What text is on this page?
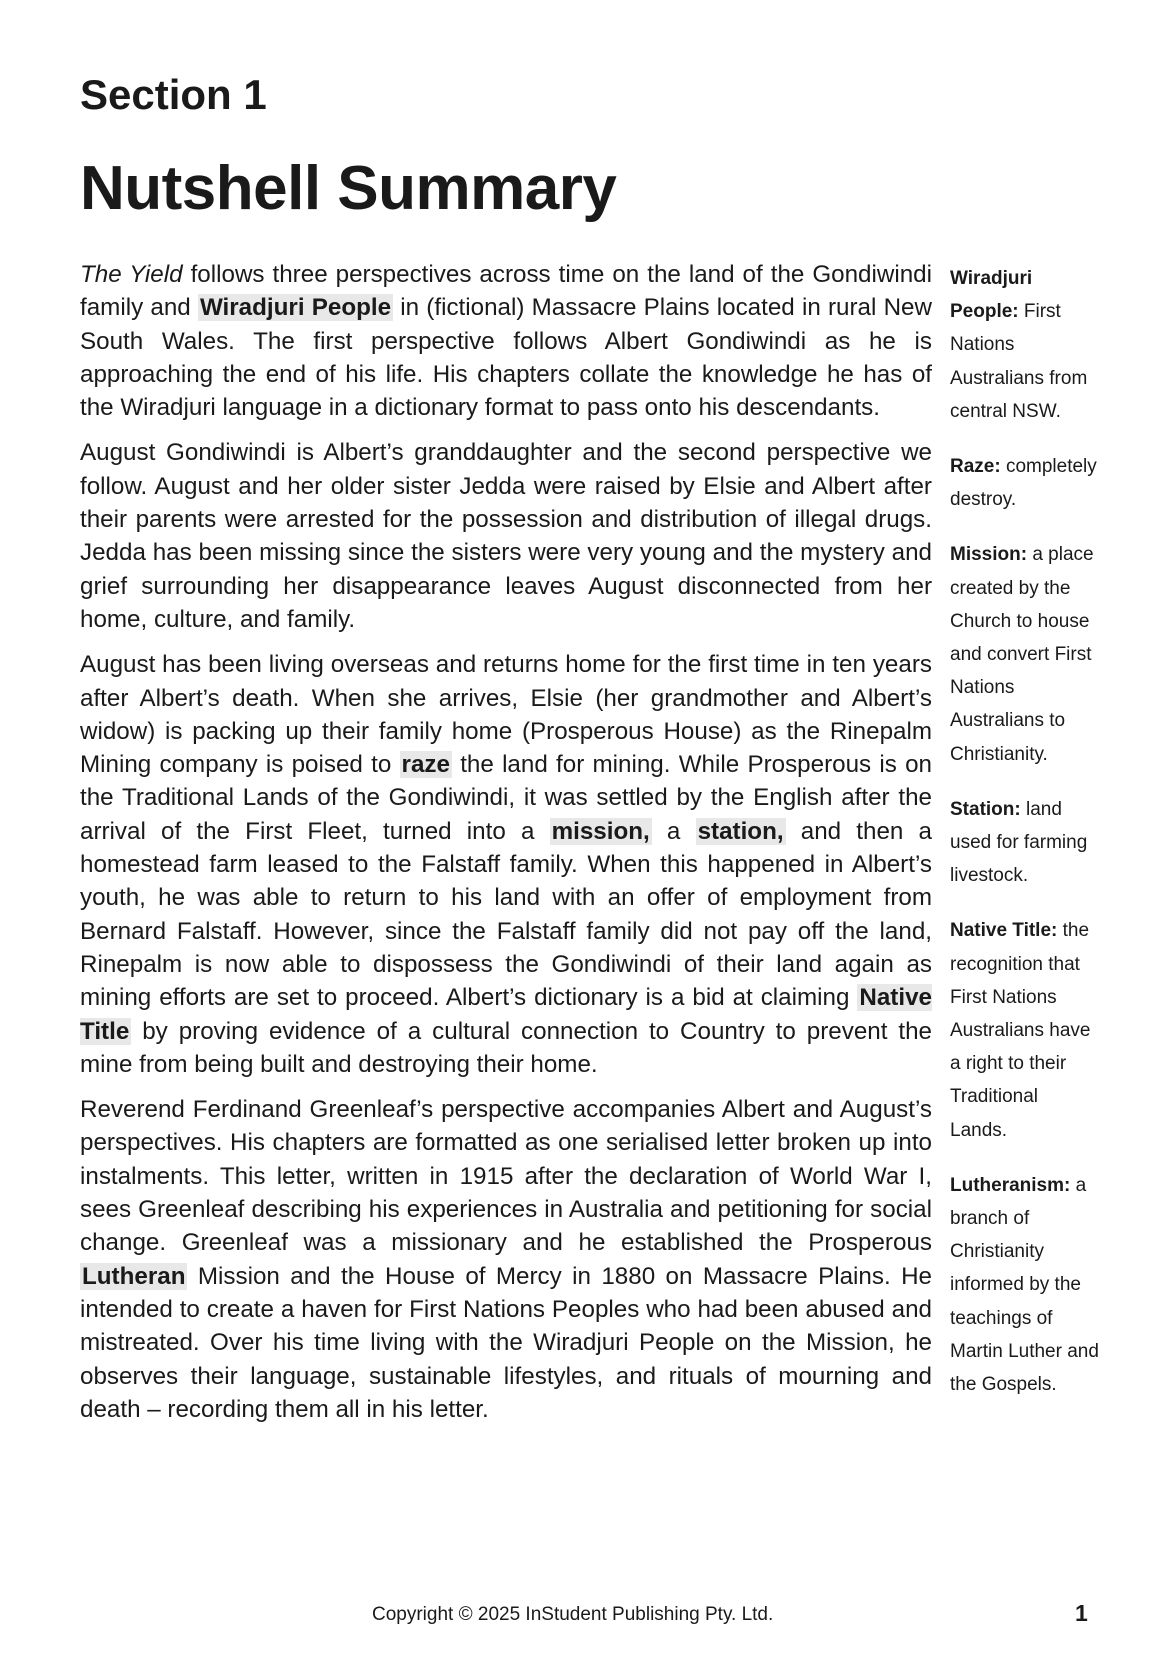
Section 1
Nutshell Summary

The Yield follows three perspectives across time on the land of the Gondiwindi family and Wiradjuri People in (fictional) Massacre Plains located in rural New South Wales. The first perspective follows Albert Gondiwindi as he is approaching the end of his life. His chapters collate the knowledge he has of the Wiradjuri language in a dictionary format to pass onto his descendants.

August Gondiwindi is Albert’s granddaughter and the second perspective we follow. August and her older sister Jedda were raised by Elsie and Albert after their parents were arrested for the possession and distribution of illegal drugs. Jedda has been missing since the sisters were very young and the mystery and grief surrounding her disappearance leaves August disconnected from her home, culture, and family.

August has been living overseas and returns home for the first time in ten years after Albert’s death. When she arrives, Elsie (her grandmother and Albert’s widow) is packing up their family home (Prosperous House) as the Rinepalm Mining company is poised to raze the land for mining. While Prosperous is on the Traditional Lands of the Gondiwindi, it was settled by the English after the arrival of the First Fleet, turned into a mission, a station, and then a homestead farm leased to the Falstaff family. When this happened in Albert’s youth, he was able to return to his land with an offer of employment from Bernard Falstaff. However, since the Falstaff family did not pay off the land, Rinepalm is now able to dispossess the Gondiwindi of their land again as mining efforts are set to proceed. Albert’s dictionary is a bid at claiming Native Title by proving evidence of a cultural connection to Country to prevent the mine from being built and destroying their home.

Reverend Ferdinand Greenleaf’s perspective accompanies Albert and August’s perspectives. His chapters are formatted as one serialised letter broken up into instalments. This letter, written in 1915 after the declaration of World War I, sees Greenleaf describing his experiences in Australia and petitioning for social change. Greenleaf was a missionary and he established the Prosperous Lutheran Mission and the House of Mercy in 1880 on Massacre Plains. He intended to create a haven for First Nations Peoples who had been abused and mistreated. Over his time living with the Wiradjuri People on the Mission, he observes their language, sustainable lifestyles, and rituals of mourning and death – recording them all in his letter.

Wiradjuri People: First Nations Australians from central NSW.

Raze: completely destroy.

Mission: a place created by the Church to house and convert First Nations Australians to Christianity.

Station: land used for farming livestock.

Native Title: the recognition that First Nations Australians have a right to their Traditional Lands.

Lutheranism: a branch of Christianity informed by the teachings of Martin Luther and the Gospels.

Copyright © 2025 InStudent Publishing Pty. Ltd.	1
